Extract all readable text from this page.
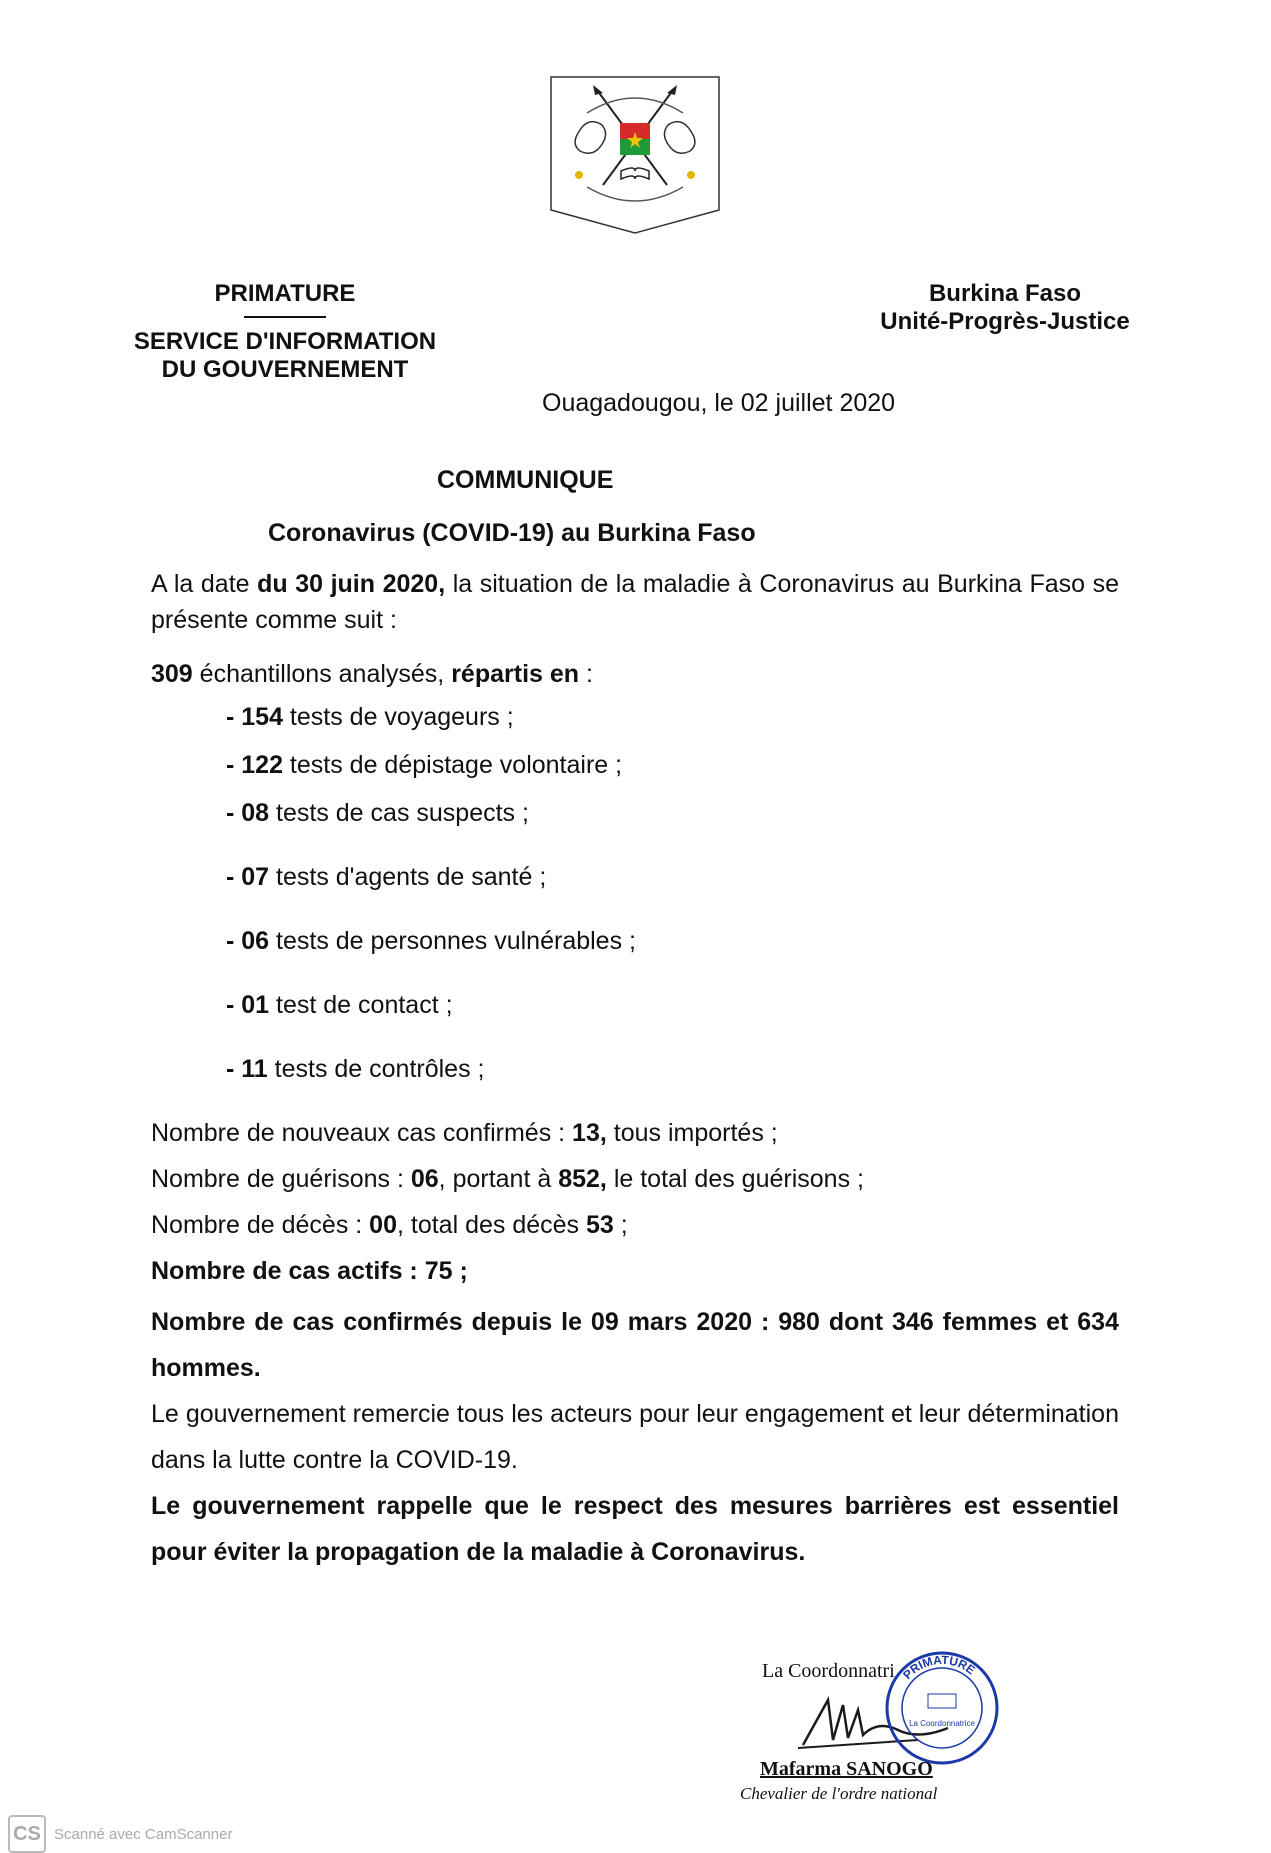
PRIMATURE
SERVICE D'INFORMATION
DU GOUVERNEMENT
Burkina Faso
Unité-Progrès-Justice
Ouagadougou, le 02 juillet 2020
COMMUNIQUE
Coronavirus (COVID-19) au Burkina Faso
A la date du 30 juin 2020, la situation de la maladie à Coronavirus au Burkina Faso se présente comme suit :
309 échantillons analysés, répartis en :
- 154 tests de voyageurs ;
- 122 tests de dépistage volontaire ;
- 08 tests de cas suspects ;
- 07 tests d'agents de santé ;
- 06 tests de personnes vulnérables ;
- 01 test de contact ;
- 11 tests de contrôles ;
Nombre de nouveaux cas confirmés : 13, tous importés ;
Nombre de guérisons : 06, portant à 852, le total des guérisons ;
Nombre de décès : 00, total des décès 53 ;
Nombre de cas actifs : 75 ;
Nombre de cas confirmés depuis le 09 mars 2020 : 980 dont 346 femmes et 634 hommes.
Le gouvernement remercie tous les acteurs pour leur engagement et leur détermination dans la lutte contre la COVID-19.
Le gouvernement rappelle que le respect des mesures barrières est essentiel pour éviter la propagation de la maladie à Coronavirus.
La Coordonnatri PRIMATURE
La Coordonnatrice
Mafarma SANOGO
Chevalier de l'ordre national
CS Scanné avec CamScanner
